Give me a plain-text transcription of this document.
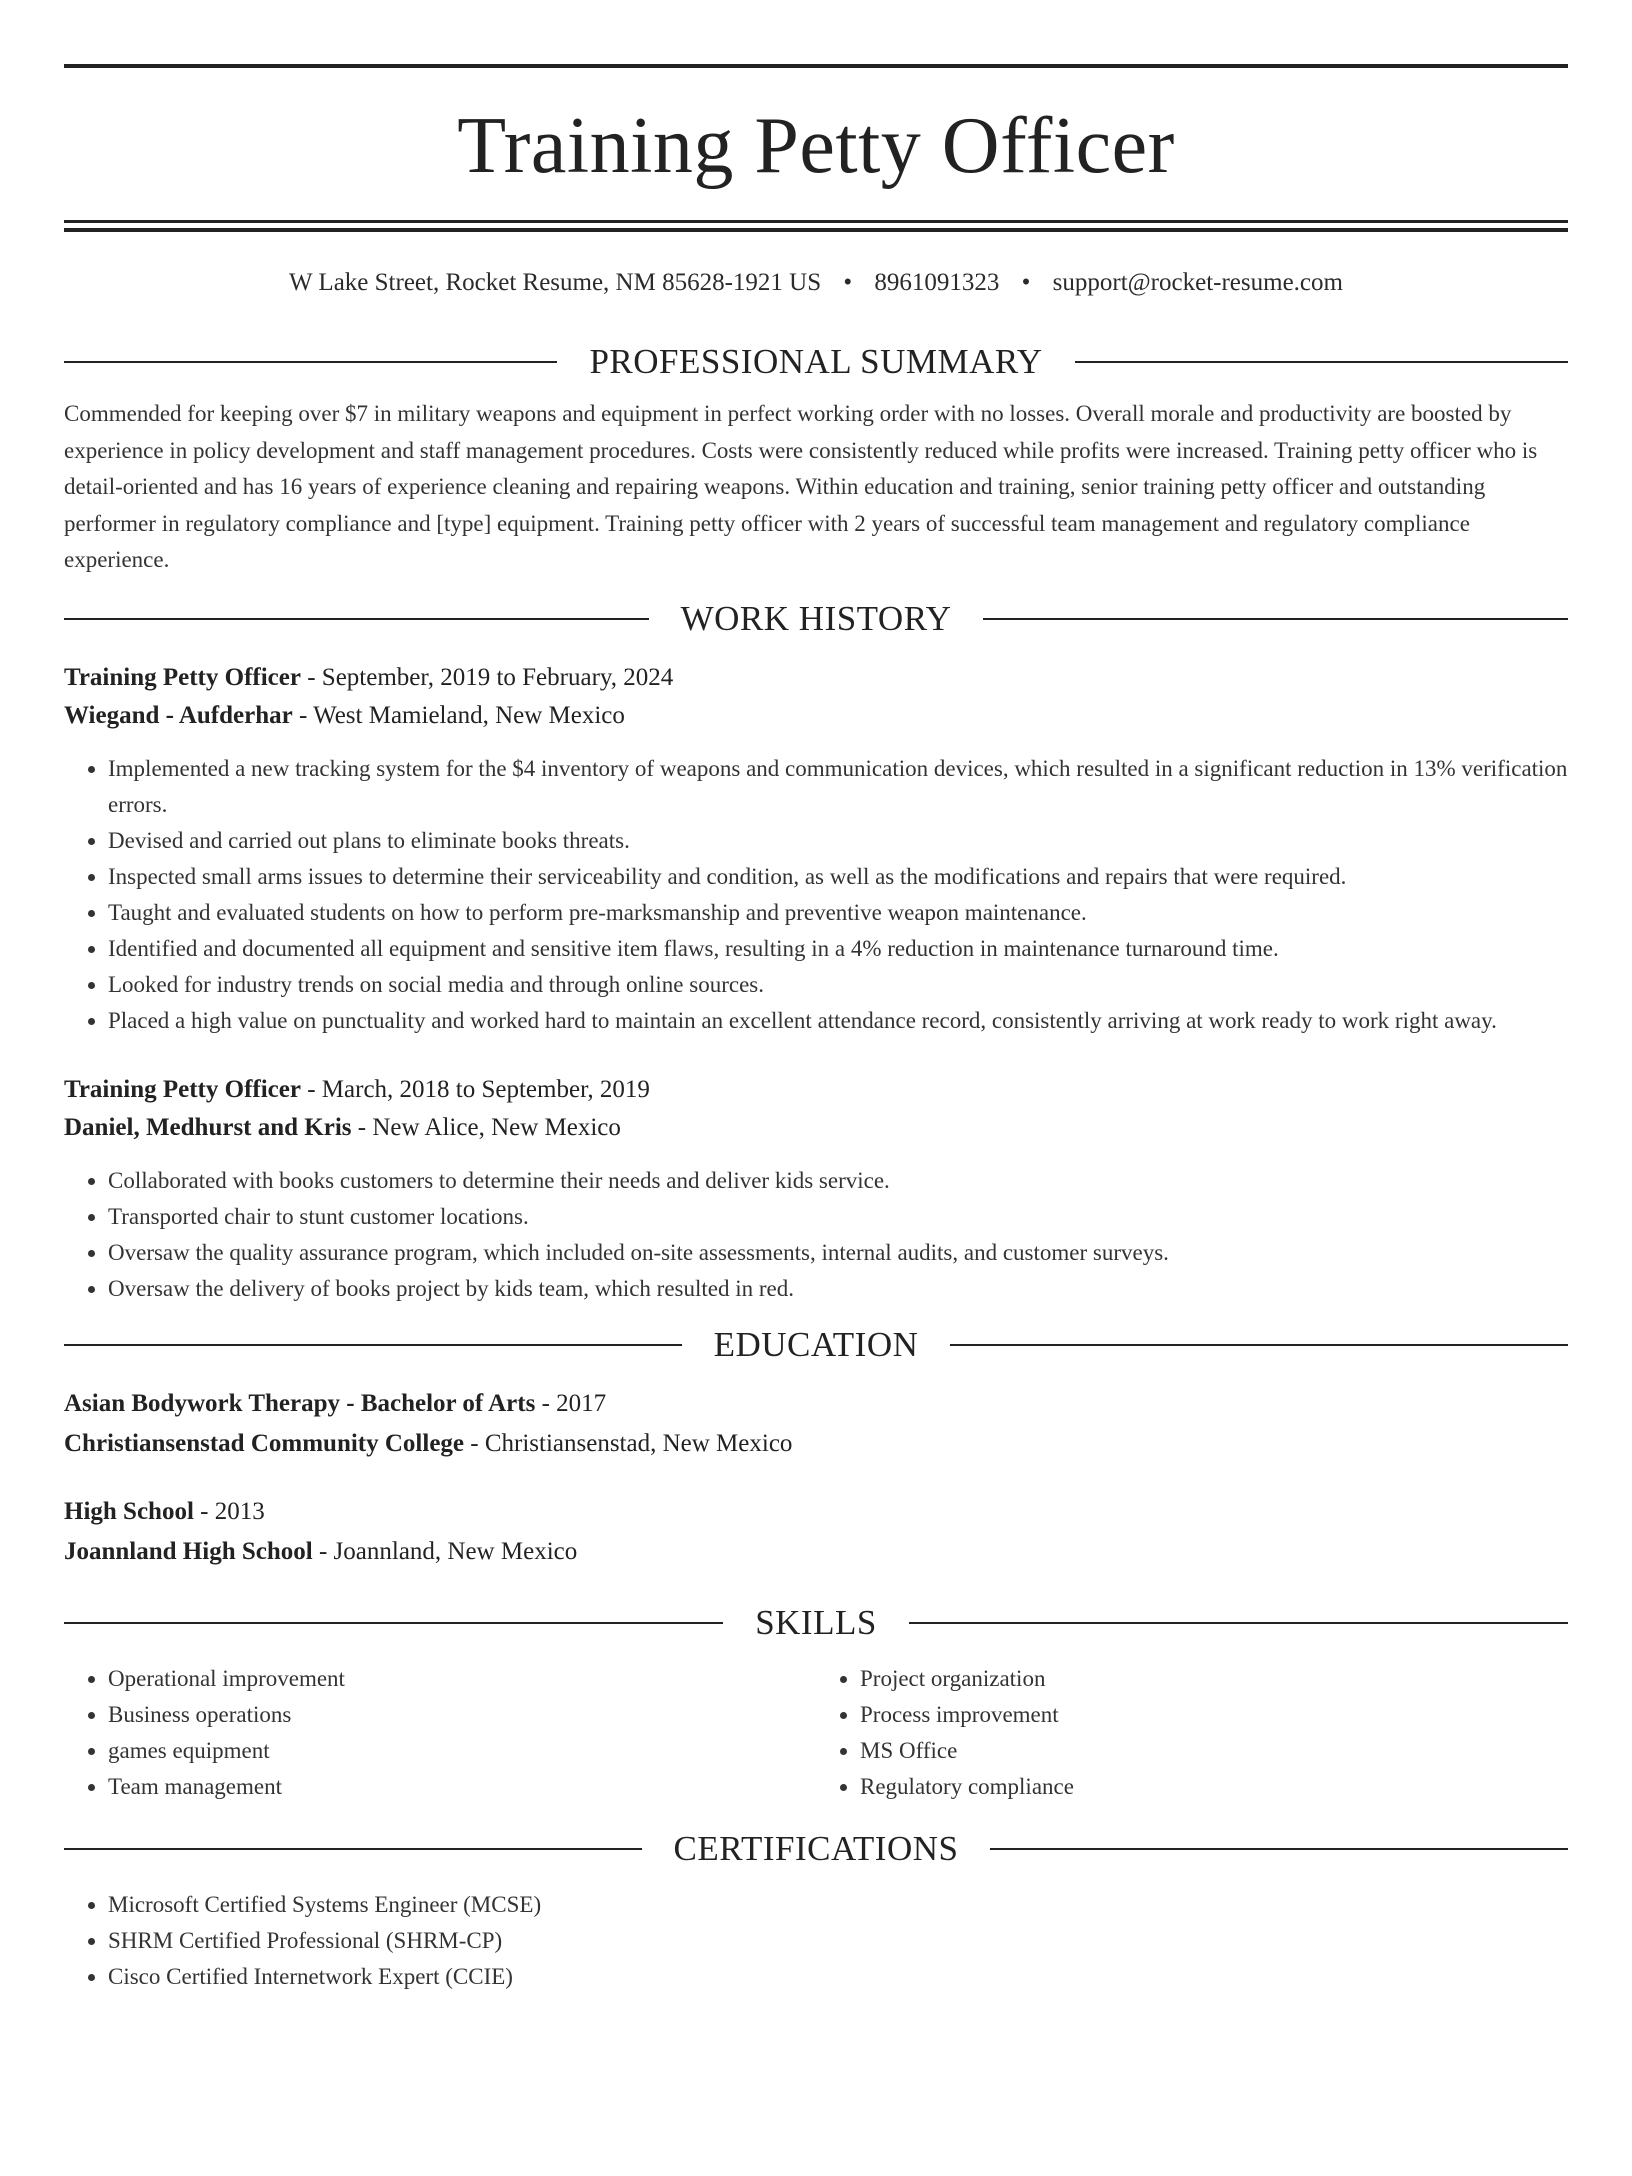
Training Petty Officer
W Lake Street, Rocket Resume, NM 85628-1921 US • 8961091323 • support@rocket-resume.com
PROFESSIONAL SUMMARY
Commended for keeping over $7 in military weapons and equipment in perfect working order with no losses. Overall morale and productivity are boosted by experience in policy development and staff management procedures. Costs were consistently reduced while profits were increased. Training petty officer who is detail-oriented and has 16 years of experience cleaning and repairing weapons. Within education and training, senior training petty officer and outstanding performer in regulatory compliance and [type] equipment. Training petty officer with 2 years of successful team management and regulatory compliance experience.
WORK HISTORY
Training Petty Officer - September, 2019 to February, 2024
Wiegand - Aufderhar - West Mamieland, New Mexico
• Implemented a new tracking system for the $4 inventory of weapons and communication devices, which resulted in a significant reduction in 13% verification errors.
• Devised and carried out plans to eliminate books threats.
• Inspected small arms issues to determine their serviceability and condition, as well as the modifications and repairs that were required.
• Taught and evaluated students on how to perform pre-marksmanship and preventive weapon maintenance.
• Identified and documented all equipment and sensitive item flaws, resulting in a 4% reduction in maintenance turnaround time.
• Looked for industry trends on social media and through online sources.
• Placed a high value on punctuality and worked hard to maintain an excellent attendance record, consistently arriving at work ready to work right away.
Training Petty Officer - March, 2018 to September, 2019
Daniel, Medhurst and Kris - New Alice, New Mexico
• Collaborated with books customers to determine their needs and deliver kids service.
• Transported chair to stunt customer locations.
• Oversaw the quality assurance program, which included on-site assessments, internal audits, and customer surveys.
• Oversaw the delivery of books project by kids team, which resulted in red.
EDUCATION
Asian Bodywork Therapy - Bachelor of Arts - 2017
Christiansenstad Community College - Christiansenstad, New Mexico
High School - 2013
Joannland High School - Joannland, New Mexico
SKILLS
• Operational improvement
• Business operations
• games equipment
• Team management
• Project organization
• Process improvement
• MS Office
• Regulatory compliance
CERTIFICATIONS
• Microsoft Certified Systems Engineer (MCSE)
• SHRM Certified Professional (SHRM-CP)
• Cisco Certified Internetwork Expert (CCIE)
